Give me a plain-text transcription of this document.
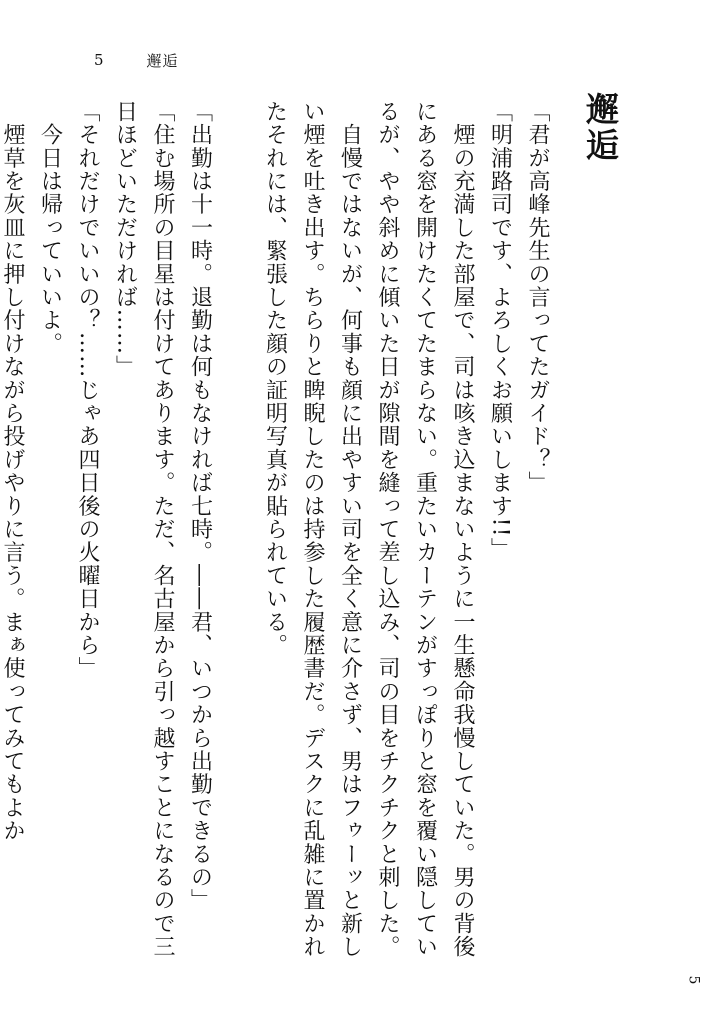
5	邂逅
邂逅

「君が高峰先生の言ってたガイド？」

「明浦路司です、よろしくお願いします!!」

　煙の充満した部屋で、司は咳き込まないように一生懸命我慢していた。男の背後にある窓を開けたくてたまらない。重たいカーテンがすっぽりと窓を覆い隠しているが、やや斜めに傾いた日が隙間を縫って差し込み、司の目をチクチクと刺した。

　自慢ではないが、何事も顔に出やすい司を全く意に介さず、男はフゥーッと新しい煙を吐き出す。ちらりと睥睨したのは持参した履歴書だ。デスクに乱雑に置かれたそれには、緊張した顔の証明写真が貼られている。

「出勤は十一時。退勤は何もなければ七時。――君、いつから出勤できるの」

「住む場所の目星は付けてあります。ただ、名古屋から引っ越すことになるので三日ほどいただければ……」

「それだけでいいの？……じゃあ四日後の火曜日から」

　今日は帰っていいよ。

　煙草を灰皿に押し付けながら投げやりに言う。まぁ使ってみてもよか

5
